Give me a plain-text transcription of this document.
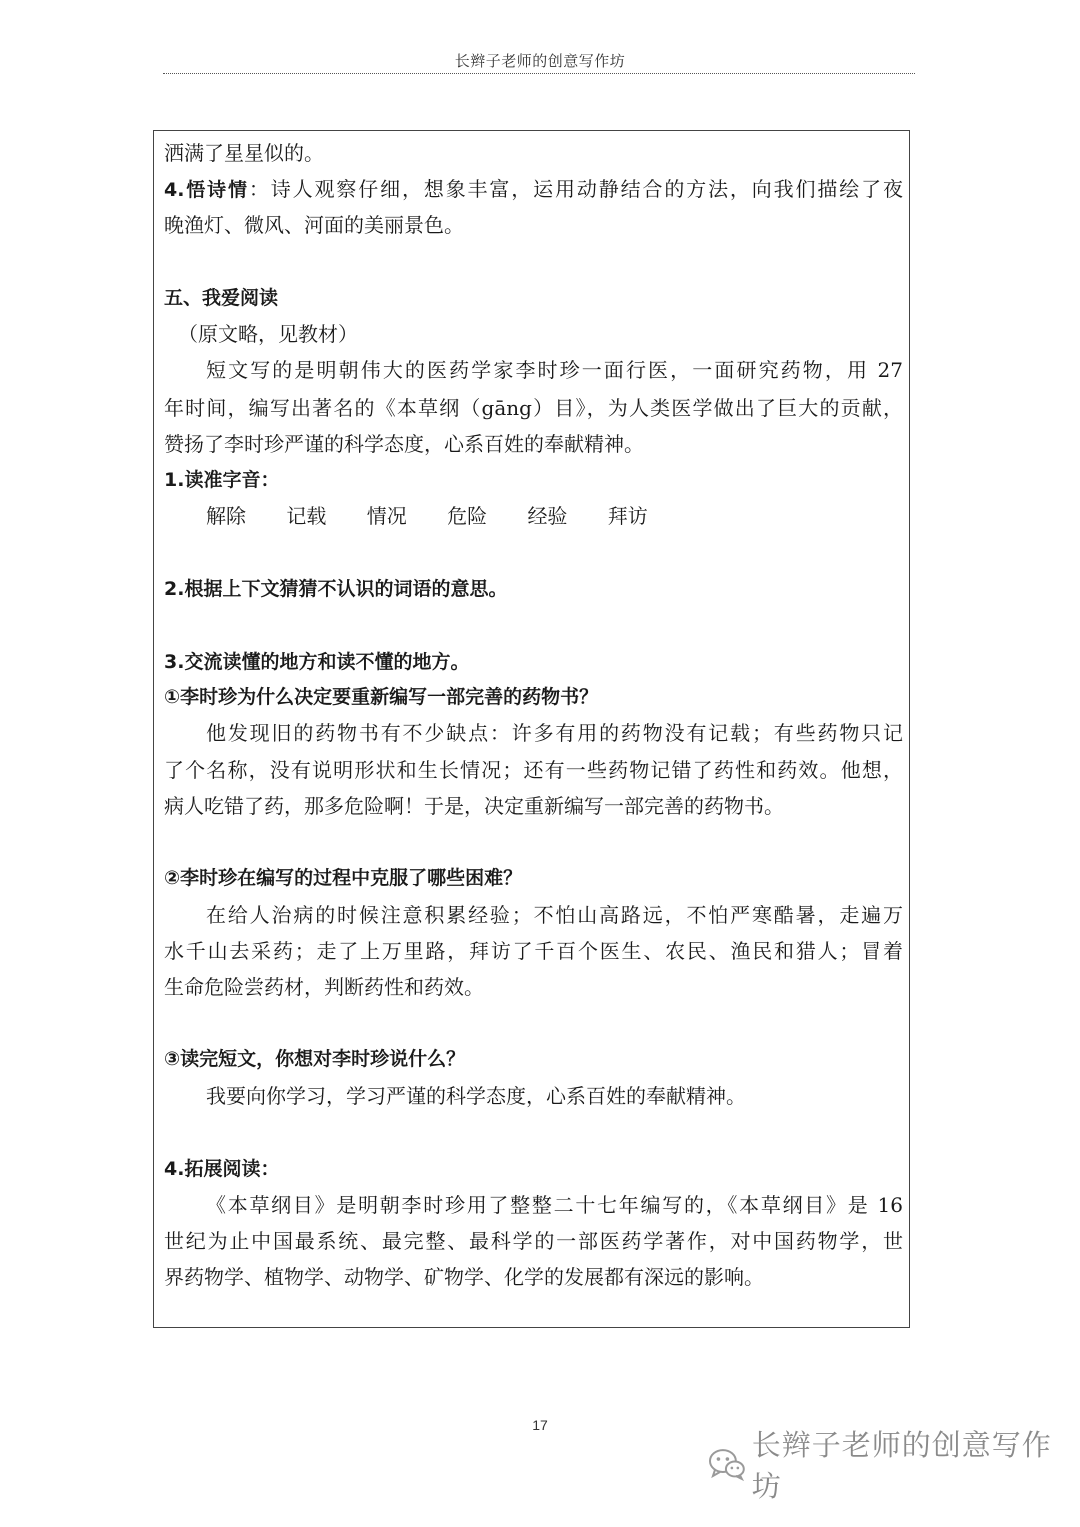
长辫子老师的创意写作坊
洒满了星星似的。
4.悟诗情：诗人观察仔细，想象丰富，运用动静结合的方法，向我们描绘了夜
晚渔灯、微风、河面的美丽景色。
五、我爱阅读
（原文略，见教材）
短文写的是明朝伟大的医药学家李时珍一面行医，一面研究药物，用 27
年时间，编写出著名的《本草纲（gāng）目》，为人类医学做出了巨大的贡献，
赞扬了李时珍严谨的科学态度，心系百姓的奉献精神。
1.读准字音：
解除 记载 情况 危险 经验 拜访
2.根据上下文猜猜不认识的词语的意思。
3.交流读懂的地方和读不懂的地方。
①李时珍为什么决定要重新编写一部完善的药物书？
他发现旧的药物书有不少缺点：许多有用的药物没有记载；有些药物只记
了个名称，没有说明形状和生长情况；还有一些药物记错了药性和药效。他想，
病人吃错了药，那多危险啊！于是，决定重新编写一部完善的药物书。
②李时珍在编写的过程中克服了哪些困难？
在给人治病的时候注意积累经验；不怕山高路远，不怕严寒酷暑，走遍万
水千山去采药；走了上万里路，拜访了千百个医生、农民、渔民和猎人；冒着
生命危险尝药材，判断药性和药效。
③读完短文，你想对李时珍说什么？
我要向你学习，学习严谨的科学态度，心系百姓的奉献精神。
4.拓展阅读：
《本草纲目》是明朝李时珍用了整整二十七年编写的，《本草纲目》是 16
世纪为止中国最系统、最完整、最科学的一部医药学著作，对中国药物学，世
界药物学、植物学、动物学、矿物学、化学的发展都有深远的影响。
17
长辫子老师的创意写作坊
